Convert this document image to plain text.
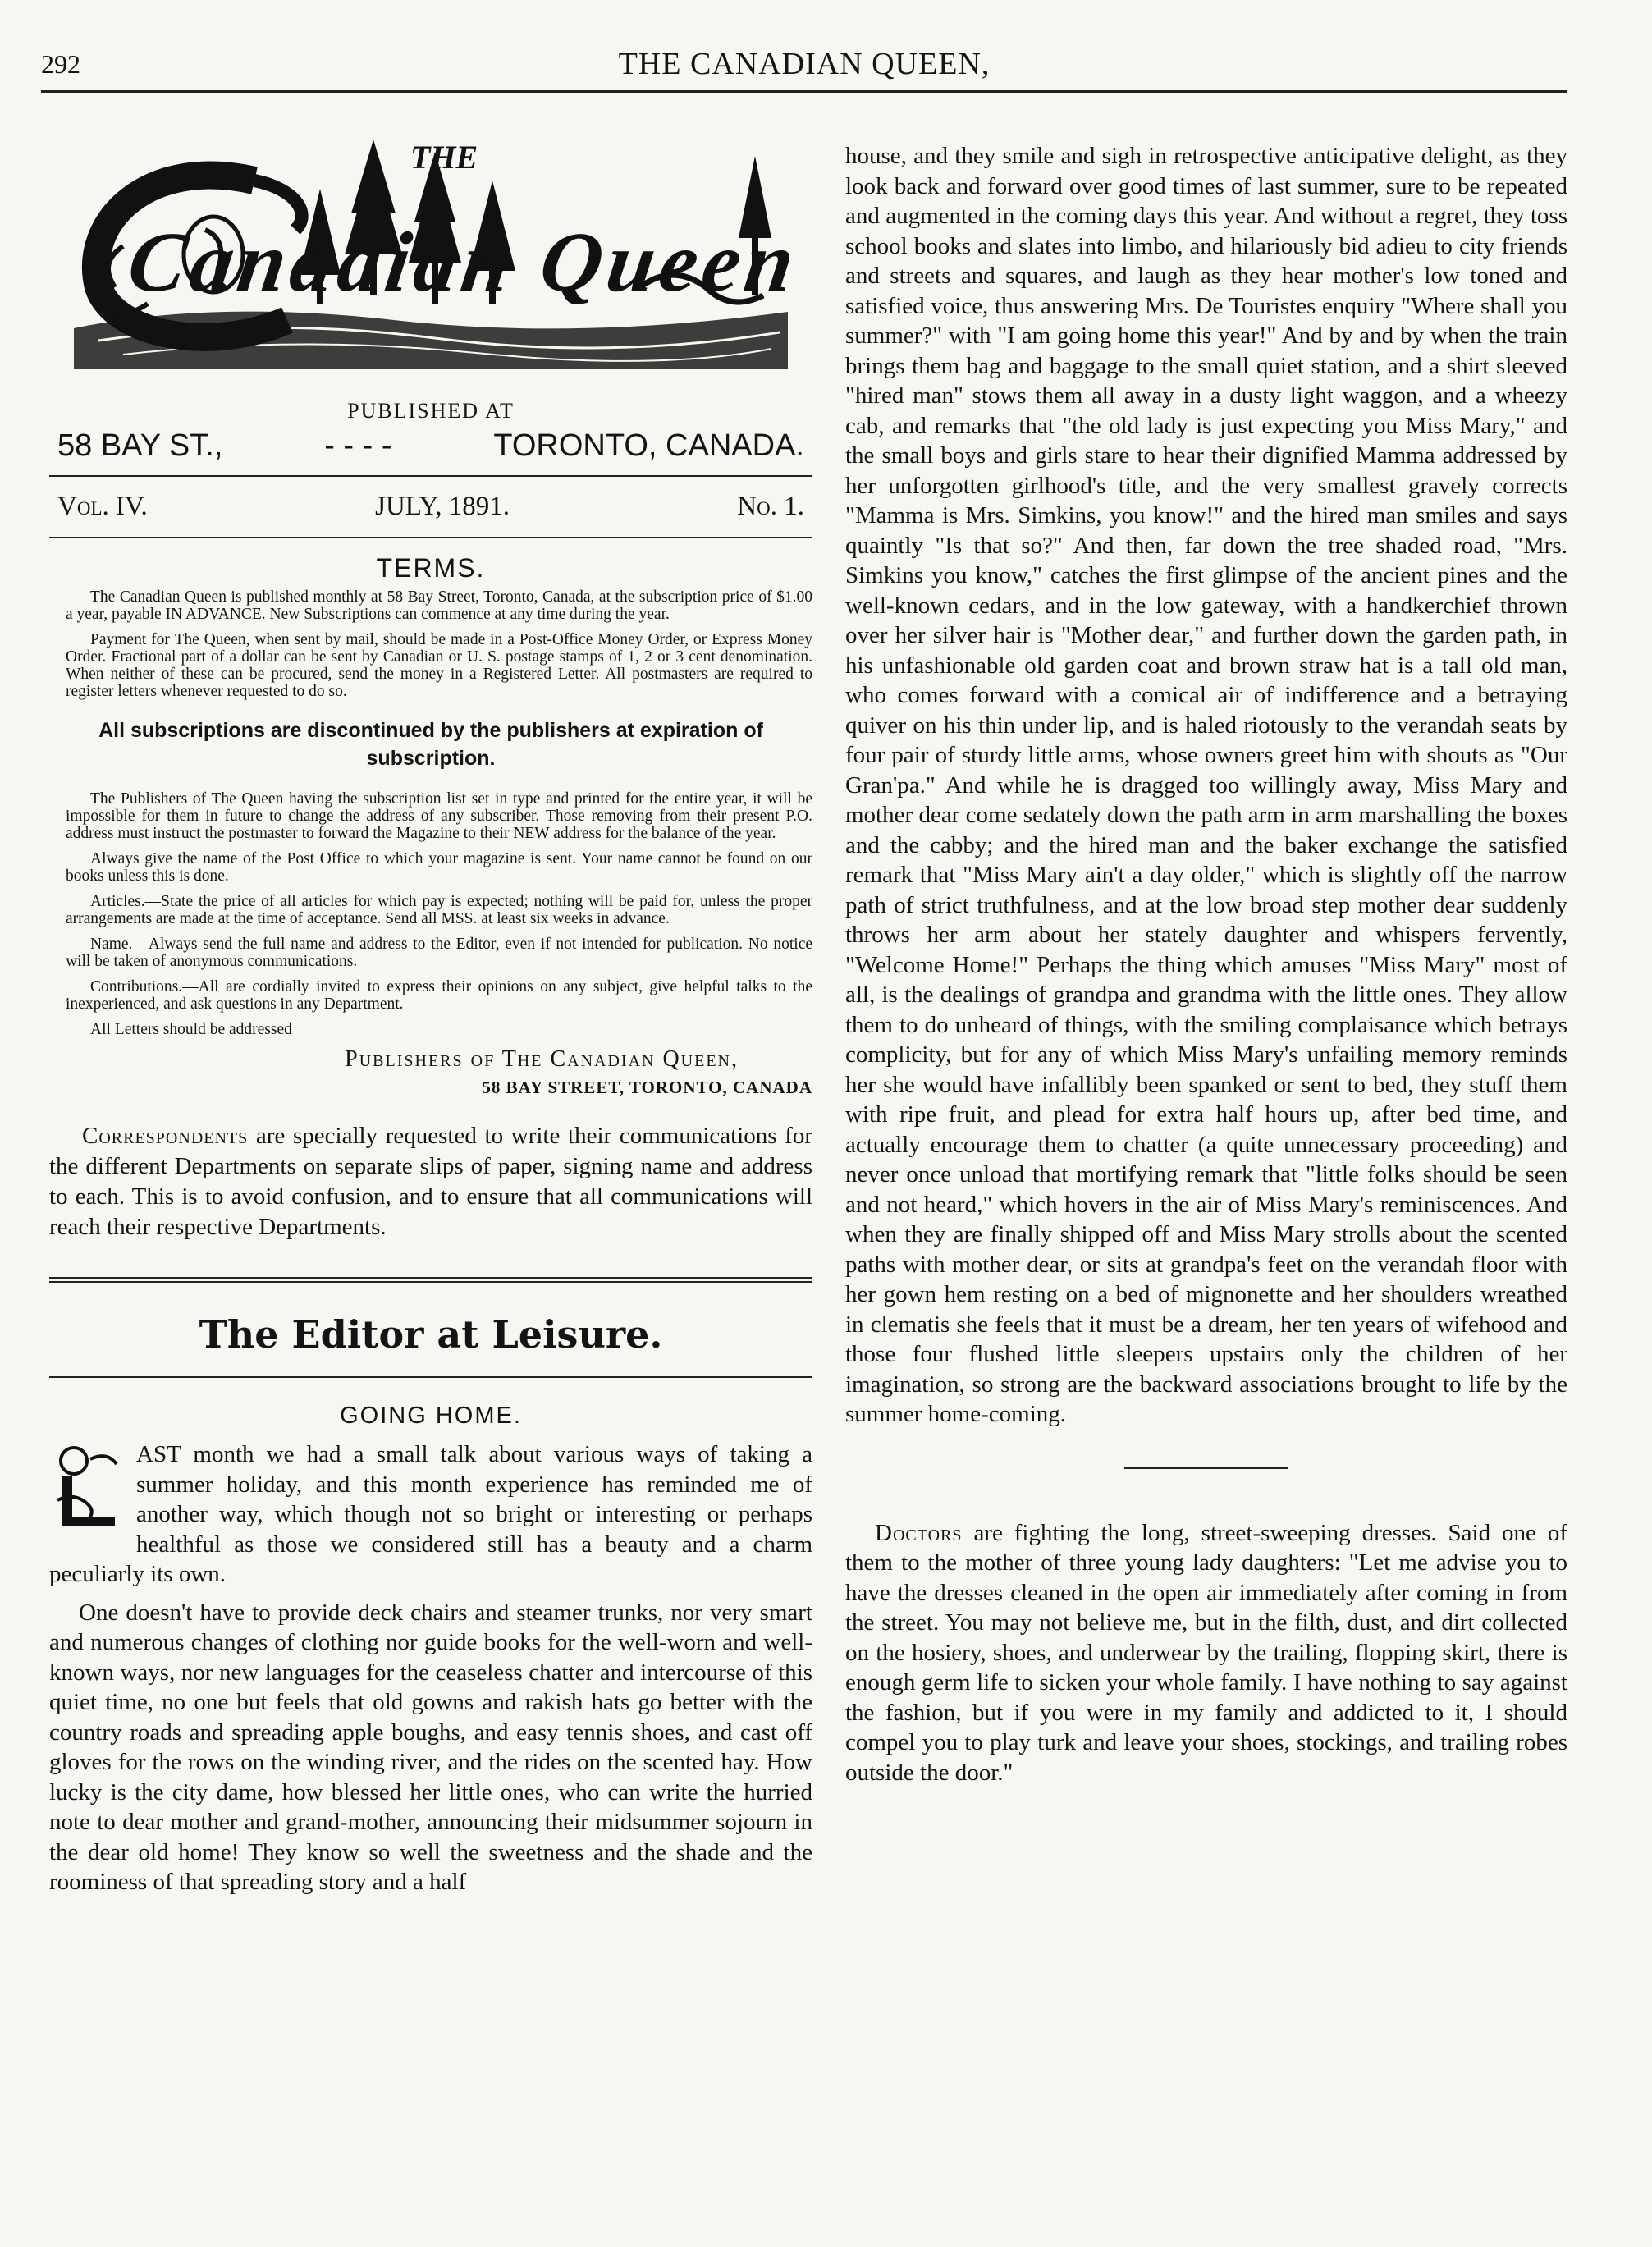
292	THE CANADIAN QUEEN,
THE
Canadian Queen
PUBLISHED AT
58 BAY ST.,	- - - -	TORONTO, CANADA.
Vol. IV.	JULY, 1891.	No. 1.
TERMS.

The Canadian Queen is published monthly at 58 Bay Street, Toronto, Canada, at the subscription price of $1.00 a year, payable IN ADVANCE. New Subscriptions can commence at any time during the year.

Payment for The Queen, when sent by mail, should be made in a Post-Office Money Order, or Express Money Order. Fractional part of a dollar can be sent by Canadian or U. S. postage stamps of 1, 2 or 3 cent denomination. When neither of these can be procured, send the money in a Registered Letter. All postmasters are required to register letters whenever requested to do so.

All subscriptions are discontinued by the publishers at expiration of subscription.

The Publishers of The Queen having the subscription list set in type and printed for the entire year, it will be impossible for them in future to change the address of any subscriber. Those removing from their present P.O. address must instruct the postmaster to forward the Magazine to their NEW address for the balance of the year.

Always give the name of the Post Office to which your magazine is sent. Your name cannot be found on our books unless this is done.

Articles.—State the price of all articles for which pay is expected; nothing will be paid for, unless the proper arrangements are made at the time of acceptance. Send all MSS. at least six weeks in advance.

Name.—Always send the full name and address to the Editor, even if not intended for publication. No notice will be taken of anonymous communications.

Contributions.—All are cordially invited to express their opinions on any subject, give helpful talks to the inexperienced, and ask questions in any Department.

All Letters should be addressed

Publishers of The Canadian Queen,
58 BAY STREET, TORONTO, CANADA

Correspondents are specially requested to write their communications for the different Departments on separate slips of paper, signing name and address to each. This is to avoid confusion, and to ensure that all communications will reach their respective Departments.

The Editor at Leisure.
GOING HOME.

AST month we had a small talk about various ways of taking a summer holiday, and this month experience has reminded me of another way, which though not so bright or interesting or perhaps healthful as those we considered still has a beauty and a charm peculiarly its own.

One doesn't have to provide deck chairs and steamer trunks, nor very smart and numerous changes of clothing nor guide books for the well-worn and well-known ways, nor new languages for the ceaseless chatter and intercourse of this quiet time, no one but feels that old gowns and rakish hats go better with the country roads and spreading apple boughs, and easy tennis shoes, and cast off gloves for the rows on the winding river, and the rides on the scented hay. How lucky is the city dame, how blessed her little ones, who can write the hurried note to dear mother and grand-mother, announcing their midsummer sojourn in the dear old home! They know so well the sweetness and the shade and the roominess of that spreading story and a half

house, and they smile and sigh in retrospective anticipative delight, as they look back and forward over good times of last summer, sure to be repeated and augmented in the coming days this year. And without a regret, they toss school books and slates into limbo, and hilariously bid adieu to city friends and streets and squares, and laugh as they hear mother's low toned and satisfied voice, thus answering Mrs. De Touristes enquiry "Where shall you summer?" with "I am going home this year!" And by and by when the train brings them bag and baggage to the small quiet station, and a shirt sleeved "hired man" stows them all away in a dusty light waggon, and a wheezy cab, and remarks that "the old lady is just expecting you Miss Mary," and the small boys and girls stare to hear their dignified Mamma addressed by her unforgotten girlhood's title, and the very smallest gravely corrects "Mamma is Mrs. Simkins, you know!" and the hired man smiles and says quaintly "Is that so?" And then, far down the tree shaded road, "Mrs. Simkins you know," catches the first glimpse of the ancient pines and the well-known cedars, and in the low gateway, with a handkerchief thrown over her silver hair is "Mother dear," and further down the garden path, in his unfashionable old garden coat and brown straw hat is a tall old man, who comes forward with a comical air of indifference and a betraying quiver on his thin under lip, and is haled riotously to the verandah seats by four pair of sturdy little arms, whose owners greet him with shouts as "Our Gran'pa." And while he is dragged too willingly away, Miss Mary and mother dear come sedately down the path arm in arm marshalling the boxes and the cabby; and the hired man and the baker exchange the satisfied remark that "Miss Mary ain't a day older," which is slightly off the narrow path of strict truthfulness, and at the low broad step mother dear suddenly throws her arm about her stately daughter and whispers fervently, "Welcome Home!" Perhaps the thing which amuses "Miss Mary" most of all, is the dealings of grandpa and grandma with the little ones. They allow them to do unheard of things, with the smiling complaisance which betrays complicity, but for any of which Miss Mary's unfailing memory reminds her she would have infallibly been spanked or sent to bed, they stuff them with ripe fruit, and plead for extra half hours up, after bed time, and actually encourage them to chatter (a quite unnecessary proceeding) and never once unload that mortifying remark that "little folks should be seen and not heard," which hovers in the air of Miss Mary's reminiscences. And when they are finally shipped off and Miss Mary strolls about the scented paths with mother dear, or sits at grandpa's feet on the verandah floor with her gown hem resting on a bed of mignonette and her shoulders wreathed in clematis she feels that it must be a dream, her ten years of wifehood and those four flushed little sleepers upstairs only the children of her imagination, so strong are the backward associations brought to life by the summer home-coming.

Doctors are fighting the long, street-sweeping dresses. Said one of them to the mother of three young lady daughters: "Let me advise you to have the dresses cleaned in the open air immediately after coming in from the street. You may not believe me, but in the filth, dust, and dirt collected on the hosiery, shoes, and underwear by the trailing, flopping skirt, there is enough germ life to sicken your whole family. I have nothing to say against the fashion, but if you were in my family and addicted to it, I should compel you to play turk and leave your shoes, stockings, and trailing robes outside the door."
